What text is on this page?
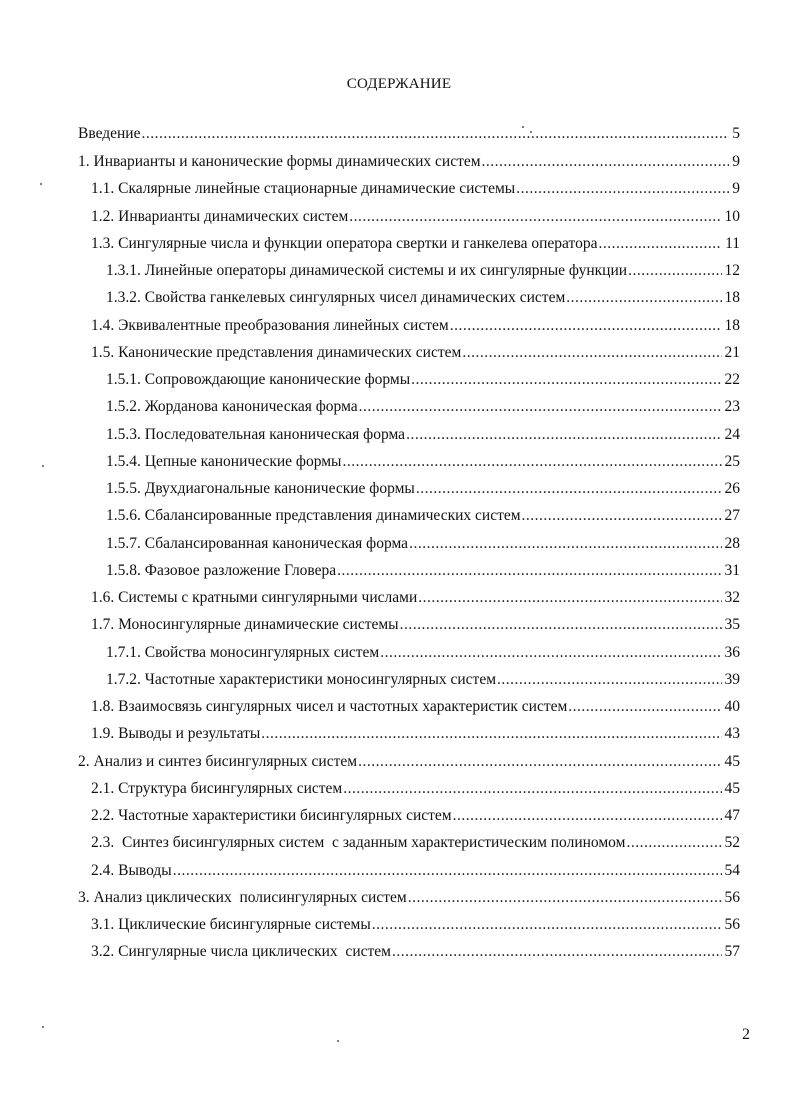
СОДЕРЖАНИЕ
Введение .....	5
1. Инварианты и канонические формы динамических систем .....	9
1.1. Скалярные линейные стационарные динамические системы .....	9
1.2. Инварианты динамических систем .....	10
1.3. Сингулярные числа и функции оператора свертки и ганкелева оператора .....	11
1.3.1. Линейные операторы динамической системы и их сингулярные функции .....	12
1.3.2. Свойства ганкелевых сингулярных чисел динамических систем .....	18
1.4. Эквивалентные преобразования линейных систем .....	18
1.5. Канонические представления динамических систем .....	21
1.5.1. Сопровождающие канонические формы .....	22
1.5.2. Жорданова каноническая форма .....	23
1.5.3. Последовательная каноническая форма .....	24
1.5.4. Цепные канонические формы .....	25
1.5.5. Двухдиагональные канонические формы .....	26
1.5.6. Сбалансированные представления динамических систем .....	27
1.5.7. Сбалансированная каноническая форма .....	28
1.5.8. Фазовое разложение Гловера .....	31
1.6. Системы с кратными сингулярными числами .....	32
1.7. Моносингулярные динамические системы .....	35
1.7.1. Свойства моносингулярных систем .....	36
1.7.2. Частотные характеристики моносингулярных систем .....	39
1.8. Взаимосвязь сингулярных чисел и частотных характеристик систем .....	40
1.9. Выводы и результаты .....	43
2. Анализ и синтез бисингулярных систем .....	45
2.1. Структура бисингулярных систем .....	45
2.2. Частотные характеристики бисингулярных систем .....	47
2.3.  Синтез бисингулярных систем  с заданным характеристическим полиномом .....	52
2.4. Выводы .....	54
3. Анализ циклических  полисингулярных систем .....	56
3.1. Циклические бисингулярные системы .....	56
3.2. Сингулярные числа циклических  систем .....	57
2
